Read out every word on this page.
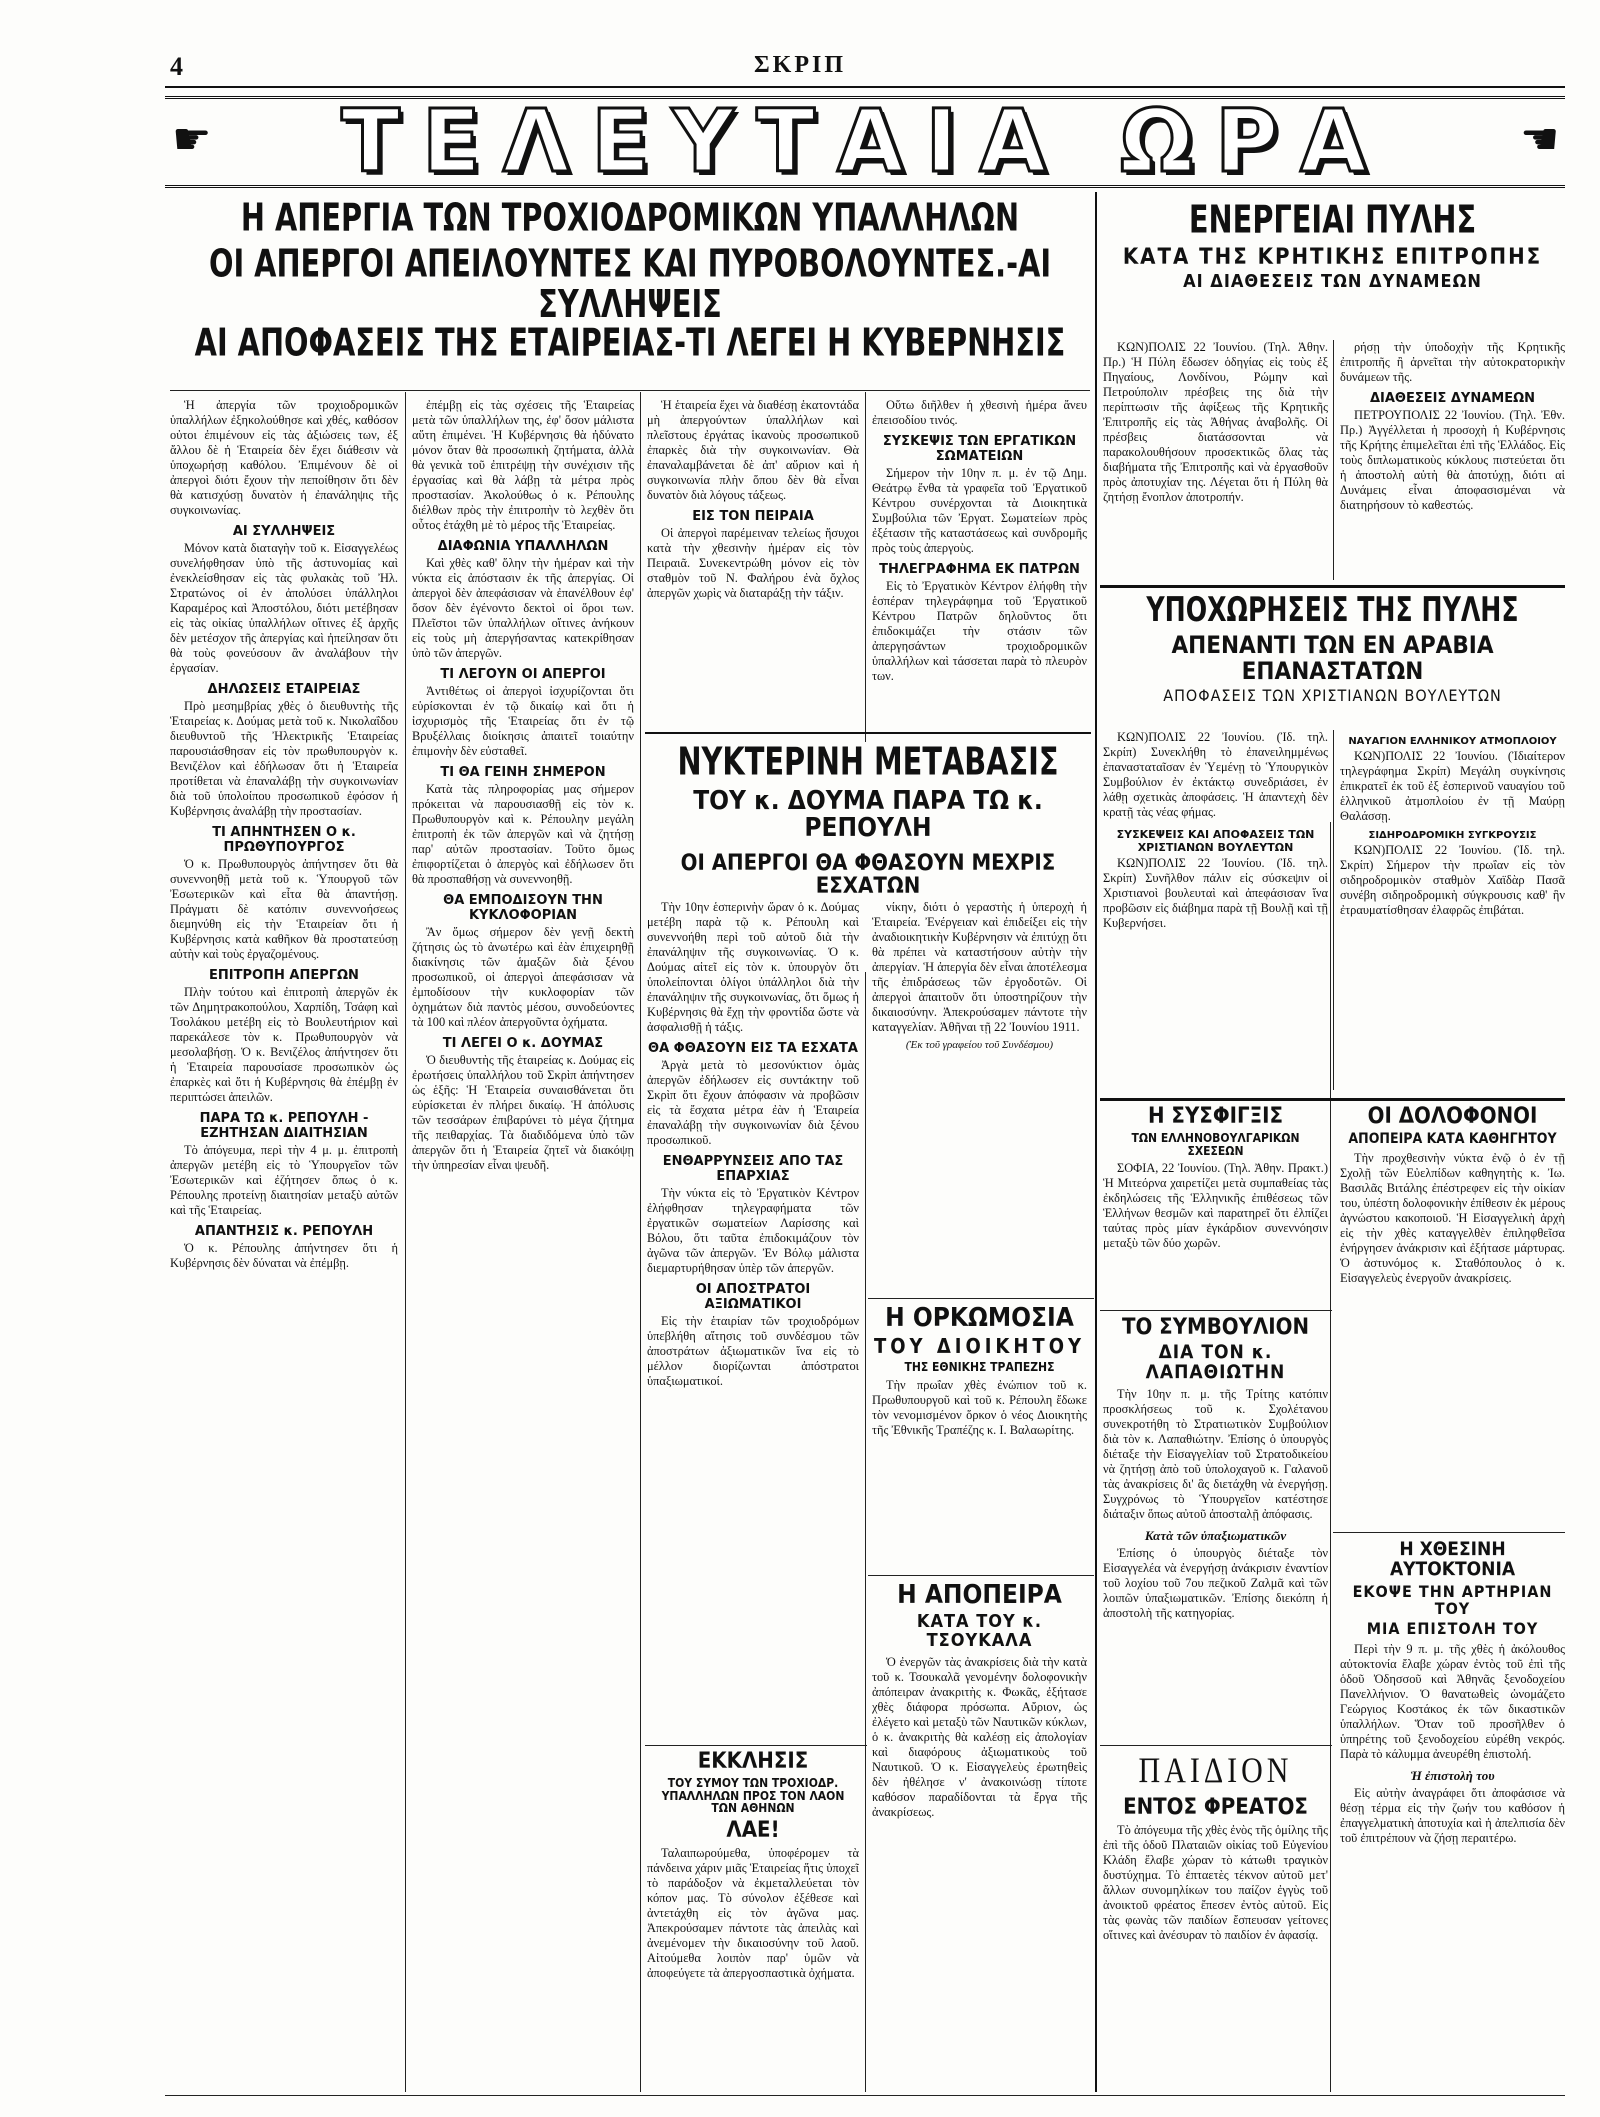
4	ΣΚΡΙΠ
ΤΕΛΕΥΤΑΙΑ ΩΡΑ
☛	☚
Η ΑΠΕΡΓΙΑ ΤΩΝ ΤΡΟΧΙΟΔΡΟΜΙΚΩΝ ΥΠΑΛΛΗΛΩΝ
ΟΙ ΑΠΕΡΓΟΙ ΑΠΕΙΛΟΥΝΤΕΣ ΚΑΙ ΠΥΡΟΒΟΛΟΥΝΤΕΣ.-ΑΙ ΣΥΛΛΗΨΕΙΣ
ΑΙ ΑΠΟΦΑΣΕΙΣ ΤΗΣ ΕΤΑΙΡΕΙΑΣ-ΤΙ ΛΕΓΕΙ Η ΚΥΒΕΡΝΗΣΙΣ

Ἡ ἀπεργία τῶν τροχιοδρομικῶν ὑπαλλήλων ἐξηκολούθησε καὶ χθές, καθόσον οὐτοι ἐπιμένουν εἰς τὰς ἀξιώσεις των, ἐξ ἄλλου δὲ ἡ Ἑταιρεία δὲν ἔχει διάθεσιν νὰ ὑποχωρήσῃ καθόλου. Ἐπιμένουν δὲ οἱ ἀπεργοὶ διότι ἔχουν τὴν πεποίθησιν ὅτι δὲν θὰ κατισχύσῃ δυνατὸν ἡ ἐπανάληψις τῆς συγκοινωνίας.

ΑΙ ΣΥΛΛΗΨΕΙΣ

Μόνον κατὰ διαταγὴν τοῦ κ. Εἰσαγγελέως συνελήφθησαν ὑπὸ τῆς ἀστυνομίας καὶ ἐνεκλείσθησαν εἰς τὰς φυλακὰς τοῦ Ἠλ. Στρατώνος οἱ ἐν ἀπολύσει ὑπάλληλοι Καραμέρος καὶ Ἀποστόλου, διότι μετέβησαν εἰς τὰς οἰκίας ὑπαλλήλων οἵτινες ἐξ ἀρχῆς δὲν μετέσχον τῆς ἀπεργίας καὶ ἠπείλησαν ὅτι θὰ τοὺς φονεύσουν ἂν ἀναλάβουν τὴν ἐργασίαν.

ΔΗΛΩΣΕΙΣ ΕΤΑΙΡΕΙΑΣ

Πρὸ μεσημβρίας χθὲς ὁ διευθυντὴς τῆς Ἑταιρείας κ. Δούμας μετὰ τοῦ κ. Νικολαΐδου διευθυντοῦ τῆς Ἠλεκτρικῆς Ἑταιρείας παρουσιάσθησαν εἰς τὸν πρωθυπουργὸν κ. Βενιζέλον καὶ ἐδήλωσαν ὅτι ἡ Ἑταιρεία προτίθεται νὰ ἐπαναλάβῃ τὴν συγκοινωνίαν διὰ τοῦ ὑπολοίπου προσωπικοῦ ἐφόσον ἡ Κυβέρνησις ἀναλάβῃ τὴν προστασίαν.

ΤΙ ΑΠΗΝΤΗΣΕΝ Ο κ. ΠΡΩΘΥΠΟΥΡΓΟΣ

Ὁ κ. Πρωθυπουργὸς ἀπήντησεν ὅτι θὰ συνεννοηθῇ μετὰ τοῦ κ. Ὑπουργοῦ τῶν Ἐσωτερικῶν καὶ εἶτα θὰ ἀπαντήσῃ. Πράγματι δὲ κατόπιν συνεννοήσεως διεμηνύθη εἰς τὴν Ἑταιρείαν ὅτι ἡ Κυβέρνησις κατὰ καθῆκον θὰ προστατεύσῃ αὐτὴν καὶ τοὺς ἐργαζομένους.

ΕΠΙΤΡΟΠΗ ΑΠΕΡΓΩΝ

Πλὴν τούτου καὶ ἐπιτροπὴ ἀπεργῶν ἐκ τῶν Δημητρακοπούλου, Χαρπίδη, Τσάφη καὶ Τσολάκου μετέβη εἰς τὸ Βουλευτήριον καὶ παρεκάλεσε τὸν κ. Πρωθυπουργὸν νὰ μεσολαβήσῃ. Ὁ κ. Βενιζέλος ἀπήντησεν ὅτι ἡ Ἑταιρεία παρουσίασε προσωπικὸν ὡς ἐπαρκὲς καὶ ὅτι ἡ Κυβέρνησις θὰ ἐπέμβῃ ἐν περιπτώσει ἀπειλῶν.

ΠΑΡΑ ΤΩ κ. ΡΕΠΟΥΛΗ - ΕΖΗΤΗΣΑΝ ΔΙΑΙΤΗΣΙΑΝ

Τὸ ἀπόγευμα, περὶ τὴν 4 μ. μ. ἐπιτροπὴ ἀπεργῶν μετέβη εἰς τὸ Ὑπουργεῖον τῶν Ἐσωτερικῶν καὶ ἐζήτησεν ὅπως ὁ κ. Ρέπουλης προτείνῃ διαιτησίαν μεταξὺ αὐτῶν καὶ τῆς Ἑταιρείας.

ΑΠΑΝΤΗΣΙΣ κ. ΡΕΠΟΥΛΗ

Ὁ κ. Ρέπουλης ἀπήντησεν ὅτι ἡ Κυβέρνησις δὲν δύναται νὰ ἐπέμβῃ.

ἐπέμβῃ εἰς τὰς σχέσεις τῆς Ἑταιρείας μετὰ τῶν ὑπαλλήλων της, ἐφ' ὅσον μάλιστα αὕτη ἐπιμένει. Ἡ Κυβέρνησις θὰ ἠδύνατο μόνον ὅταν θὰ προσωπικὴ ζητήματα, ἀλλὰ θὰ γενικὰ τοῦ ἐπιτρέψῃ τὴν συνέχισιν τῆς ἐργασίας καὶ θὰ λάβῃ τὰ μέτρα πρὸς προστασίαν. Ἀκολούθως ὁ κ. Ρέπουλης διέλθων πρὸς τὴν ἐπιτροπὴν τὸ λεχθὲν ὅτι οὗτος ἐτάχθη μὲ τὸ μέρος τῆς Ἑταιρείας.

ΔΙΑΦΩΝΙΑ ΥΠΑΛΛΗΛΩΝ

Καὶ χθὲς καθ' ὅλην τὴν ἡμέραν καὶ τὴν νύκτα εἰς ἀπόστασιν ἐκ τῆς ἀπεργίας. Οἱ ἀπεργοὶ δὲν ἀπεφάσισαν νὰ ἐπανέλθουν ἐφ' ὅσον δὲν ἐγένοντο δεκτοὶ οἱ ὅροι των. Πλεῖστοι τῶν ὑπαλλήλων οἵτινες ἀνήκουν εἰς τοὺς μὴ ἀπεργήσαντας κατεκρίθησαν ὑπὸ τῶν ἀπεργῶν.

ΤΙ ΛΕΓΟΥΝ ΟΙ ΑΠΕΡΓΟΙ

Ἀντιθέτως οἱ ἀπεργοὶ ἰσχυρίζονται ὅτι εὑρίσκονται ἐν τῷ δικαίῳ καὶ ὅτι ἡ ἰσχυρισμὸς τῆς Ἑταιρείας ὅτι ἐν τῷ Βρυξέλλαις διοίκησις ἀπαιτεῖ τοιαύτην ἐπιμονὴν δὲν εὐσταθεῖ.

ΤΙ ΘΑ ΓΕΙΝΗ ΣΗΜΕΡΟΝ

Κατὰ τὰς πληροφορίας μας σήμερον πρόκειται νὰ παρουσιασθῇ εἰς τὸν κ. Πρωθυπουργὸν καὶ κ. Ρέπουλην μεγάλη ἐπιτροπὴ ἐκ τῶν ἀπεργῶν καὶ νὰ ζητήσῃ παρ' αὐτῶν προστασίαν. Τοῦτο ὅμως ἐπιφορτίζεται ὁ ἀπεργὸς καὶ ἐδήλωσεν ὅτι θὰ προσπαθήσῃ νὰ συνεννοηθῇ.

ΘΑ ΕΜΠΟΔΙΣΟΥΝ ΤΗΝ ΚΥΚΛΟΦΟΡΙΑΝ

Ἂν ὅμως σήμερον δὲν γενῇ δεκτὴ ζήτησις ὡς τὸ ἀνωτέρω καὶ ἐὰν ἐπιχειρηθῇ διακίνησις τῶν ἁμαξῶν διὰ ξένου προσωπικοῦ, οἱ ἀπεργοὶ ἀπεφάσισαν νὰ ἐμποδίσουν τὴν κυκλοφορίαν τῶν ὀχημάτων διὰ παντὸς μέσου, συνοδεύοντες τὰ 100 καὶ πλέον ἀπεργοῦντα ὀχήματα.

ΤΙ ΛΕΓΕΙ Ο κ. ΔΟΥΜΑΣ

Ὁ διευθυντὴς τῆς ἑταιρείας κ. Δούμας εἰς ἐρωτήσεις ὑπαλλήλου τοῦ Σκρὶπ ἀπήντησεν ὡς ἑξῆς: Ἡ Ἑταιρεία συναισθάνεται ὅτι εὑρίσκεται ἐν πλήρει δικαίῳ. Ἡ ἀπόλυσις τῶν τεσσάρων ἐπιβαρύνει τὸ μέγα ζήτημα τῆς πειθαρχίας. Τὰ διαδιδόμενα ὑπὸ τῶν ἀπεργῶν ὅτι ἡ Ἑταιρεία ζητεῖ νὰ διακόψῃ τὴν ὑπηρεσίαν εἶναι ψευδῆ.

Ἡ ἑταιρεία ἔχει νὰ διαθέσῃ ἑκατοντάδα μὴ ἀπεργούντων ὑπαλλήλων καὶ πλεῖστους ἐργάτας ἱκανοὺς προσωπικοῦ ἐπαρκὲς διὰ τὴν συγκοινωνίαν. Θὰ ἐπαναλαμβάνεται δὲ ἀπ' αὔριον καὶ ἡ συγκοινωνία πλὴν ὅπου δὲν θὰ εἶναι δυνατὸν διὰ λόγους τάξεως.

ΕΙΣ ΤΟΝ ΠΕΙΡΑΙΑ

Οἱ ἀπεργοὶ παρέμειναν τελείως ἥσυχοι κατὰ τὴν χθεσινὴν ἡμέραν εἰς τὸν Πειραιᾶ. Συνεκεντρώθη μόνον εἰς τὸν σταθμὸν τοῦ Ν. Φαλήρου ἐνὰ ὄχλος ἀπεργῶν χωρὶς νὰ διαταράξῃ τὴν τάξιν.

Οὕτω διῆλθεν ἡ χθεσινὴ ἡμέρα ἄνευ ἐπεισοδίου τινός.

ΣΥΣΚΕΨΙΣ ΤΩΝ ΕΡΓΑΤΙΚΩΝ ΣΩΜΑΤΕΙΩΝ

Σήμερον τὴν 10ην π. μ. ἐν τῷ Δημ. Θεάτρῳ ἔνθα τὰ γραφεῖα τοῦ Ἐργατικοῦ Κέντρου συνέρχονται τὰ Διοικητικὰ Συμβούλια τῶν Ἐργατ. Σωματείων πρὸς ἐξέτασιν τῆς καταστάσεως καὶ συνδρομῆς πρὸς τοὺς ἀπεργοὺς.

ΤΗΛΕΓΡΑΦΗΜΑ ΕΚ ΠΑΤΡΩΝ

Εἰς τὸ Ἐργατικὸν Κέντρον ἐλήφθη τὴν ἑσπέραν τηλεγράφημα τοῦ Ἐργατικοῦ Κέντρου Πατρῶν δηλοῦντος ὅτι ἐπιδοκιμάζει τὴν στάσιν τῶν ἀπεργησάντων τροχιοδρομικῶν ὑπαλλήλων καὶ τάσσεται παρὰ τὸ πλευρὸν των.

ΝΥΚΤΕΡΙΝΗ ΜΕΤΑΒΑΣΙΣ
ΤΟΥ κ. ΔΟΥΜΑ ΠΑΡΑ ΤΩ κ. ΡΕΠΟΥΛΗ
ΟΙ ΑΠΕΡΓΟΙ ΘΑ ΦΘΑΣΟΥΝ ΜΕΧΡΙΣ ΕΣΧΑΤΩΝ

Τὴν 10ην ἑσπερινὴν ὥραν ὁ κ. Δούμας μετέβη παρὰ τῷ κ. Ρέπουλη καὶ συνεννοήθη περὶ τοῦ αὐτοῦ διὰ τὴν ἐπανάληψιν τῆς συγκοινωνίας. Ὁ κ. Δούμας αἰτεῖ εἰς τὸν κ. ὑπουργὸν ὅτι ὑπολείπονται ὀλίγοι ὑπάλληλοι διὰ τὴν ἐπανάληψιν τῆς συγκοινωνίας, ὅτι ὅμως ἡ Κυβέρνησις θὰ ἔχῃ τὴν φροντίδα ὥστε νὰ ἀσφαλισθῇ ἡ τάξις.

ΘΑ ΦΘΑΣΟΥΝ ΕΙΣ ΤΑ ΕΣΧΑΤΑ

Ἀργὰ μετὰ τὸ μεσονύκτιον ὁμὰς ἀπεργῶν ἐδήλωσεν εἰς συντάκτην τοῦ Σκρὶπ ὅτι ἔχουν ἀπόφασιν νὰ προβῶσιν εἰς τὰ ἔσχατα μέτρα ἐὰν ἡ Ἑταιρεία ἐπαναλάβῃ τὴν συγκοινωνίαν διὰ ξένου προσωπικοῦ.

ΕΝΘΑΡΡΥΝΣΕΙΣ ΑΠΟ ΤΑΣ ΕΠΑΡΧΙΑΣ

Τὴν νύκτα εἰς τὸ Ἐργατικὸν Κέντρον ἐλήφθησαν τηλεγραφήματα τῶν ἐργατικῶν σωματείων Λαρίσσης καὶ Βόλου, ὅτι ταῦτα ἐπιδοκιμάζουν τὸν ἀγῶνα τῶν ἀπεργῶν. Ἐν Βόλῳ μάλιστα διεμαρτυρήθησαν ὑπὲρ τῶν ἀπεργῶν.

ΟΙ ΑΠΟΣΤΡΑΤΟΙ ΑΞΙΩΜΑΤΙΚΟΙ

Εἰς τὴν ἑταιρίαν τῶν τροχιοδρόμων ὑπεβλήθη αἴτησις τοῦ συνδέσμου τῶν ἀποστράτων ἀξιωματικῶν ἵνα εἰς τὸ μέλλον διορίζωνται ἀπόστρατοι ὑπαξιωματικοί.

νίκην, διότι ὁ γεραστὴς ἡ ὑπεροχὴ ἡ Ἑταιρεία. Ἐνέργειαν καὶ ἐπιδείξει εἰς τὴν ἀναδιοικητικὴν Κυβέρνησιν νὰ ἐπιτύχῃ ὅτι θὰ πρέπει νὰ καταστήσουν αὐτὴν τὴν ἀπεργίαν. Ἡ ἀπεργία δὲν εἶναι ἀποτέλεσμα τῆς ἐπιδράσεως τῶν ἐργοδοτῶν. Οἱ ἀπεργοὶ ἀπαιτοῦν ὅτι ὑποστηρίζουν τὴν δικαιοσύνην. Ἀπεκρούσαμεν πάντοτε τὴν καταγγελίαν. Ἀθῆναι τῇ 22 Ἰουνίου 1911.

(Ἐκ τοῦ γραφείου τοῦ Συνδέσμου)
ΕΚΚΛΗΣΙΣ
ΤΟΥ ΣΥΜΟΥ ΤΩΝ ΤΡΟΧΙΟΔΡ. ΥΠΑΛΛΗΛΩΝ ΠΡΟΣ ΤΟΝ ΛΑΟΝ ΤΩΝ ΑΘΗΝΩΝ
ΛΑΕ!

Ταλαιπωρούμεθα, ὑποφέρομεν τὰ πάνδεινα χάριν μιᾶς Ἑταιρείας ἥτις ὑποχεῖ τὸ παράδοξον νὰ ἐκμεταλλεύεται τὸν κόπον μας. Τὸ σύνολον ἐξέθεσε καὶ ἀντετάχθη εἰς τὸν ἀγῶνα μας. Ἀπεκρούσαμεν πάντοτε τὰς ἀπειλὰς καὶ ἀνεμένομεν τὴν δικαιοσύνην τοῦ λαοῦ. Αἰτούμεθα λοιπὸν παρ' ὑμῶν νὰ ἀποφεύγετε τὰ ἀπεργοσπαστικὰ ὀχήματα.

Η ΟΡΚΩΜΟΣΙΑ
ΤΟΥ ΔΙΟΙΚΗΤΟΥ
ΤΗΣ ΕΘΝΙΚΗΣ ΤΡΑΠΕΖΗΣ

Τὴν πρωΐαν χθὲς ἐνώπιον τοῦ κ. Πρωθυπουργοῦ καὶ τοῦ κ. Ρέπουλη ἔδωκε τὸν νενομισμένον ὅρκον ὁ νέος Διοικητὴς τῆς Ἐθνικῆς Τραπέζης κ. Ι. Βαλαωρίτης.

Η ΑΠΟΠΕΙΡΑ
ΚΑΤΑ ΤΟΥ κ. ΤΣΟΥΚΑΛΑ

Ὁ ἐνεργῶν τὰς ἀνακρίσεις διὰ τὴν κατὰ τοῦ κ. Τσουκαλᾶ γενομένην δολοφονικὴν ἀπόπειραν ἀνακριτὴς κ. Φωκᾶς, ἐξήτασε χθὲς διάφορα πρόσωπα. Αὔριον, ὡς ἐλέγετο καὶ μεταξὺ τῶν Ναυτικῶν κύκλων, ὁ κ. ἀνακριτὴς θὰ καλέσῃ εἰς ἀπολογίαν καὶ διαφόρους ἀξιωματικοὺς τοῦ Ναυτικοῦ. Ὁ κ. Εἰσαγγελεὺς ἐρωτηθεὶς δὲν ἠθέλησε ν' ἀνακοινώσῃ τίποτε καθόσον παραδίδονται τὰ ἔργα τῆς ἀνακρίσεως.

ΕΝΕΡΓΕΙΑΙ ΠΥΛΗΣ
ΚΑΤΑ ΤΗΣ ΚΡΗΤΙΚΗΣ ΕΠΙΤΡΟΠΗΣ
ΑΙ ΔΙΑΘΕΣΕΙΣ ΤΩΝ ΔΥΝΑΜΕΩΝ

ΚΩΝ)ΠΟΛΙΣ 22 Ἰουνίου. (Τηλ. Ἀθην. Πρ.) Ἡ Πύλη ἔδωσεν ὁδηγίας εἰς τοὺς ἐξ Πηγαίους, Λονδίνου, Ρώμην καὶ Πετρούπολιν πρέσβεις της διὰ τὴν περίπτωσιν τῆς ἀφίξεως τῆς Κρητικῆς Ἐπιτροπῆς εἰς τὰς Ἀθήνας ἀναβολῆς. Οἱ πρέσβεις διατάσσονται νὰ παρακολουθήσουν προσεκτικῶς ὅλας τὰς διαβήματα τῆς Ἐπιτροπῆς καὶ νὰ ἐργασθοῦν πρὸς ἀποτυχίαν της. Λέγεται ὅτι ἡ Πύλη θὰ ζητήσῃ ἔνοπλον ἀποτροπήν.

ρήσῃ τὴν ὑποδοχὴν τῆς Κρητικῆς ἐπιτροπῆς ἢ ἀρνεῖται τὴν αὐτοκρατορικὴν δυνάμεων τῆς.

ΔΙΑΘΕΣΕΙΣ ΔΥΝΑΜΕΩΝ

ΠΕΤΡΟΥΠΟΛΙΣ 22 Ἰουνίου. (Τηλ. Ἐθν. Πρ.) Ἀγγέλλεται ἡ προσοχὴ ἡ Κυβέρνησις τῆς Κρήτης ἐπιμελεῖται ἐπὶ τῆς Ἑλλάδος. Εἰς τοὺς διπλωματικοὺς κύκλους πιστεύεται ὅτι ἡ ἀποστολὴ αὐτὴ θὰ ἀποτύχῃ, διότι αἱ Δυνάμεις εἶναι ἀποφασισμέναι νὰ διατηρήσουν τὸ καθεστώς.

ΥΠΟΧΩΡΗΣΕΙΣ ΤΗΣ ΠΥΛΗΣ
ΑΠΕΝΑΝΤΙ ΤΩΝ ΕΝ ΑΡΑΒΙΑ ΕΠΑΝΑΣΤΑΤΩΝ
ΑΠΟΦΑΣΕΙΣ ΤΩΝ ΧΡΙΣΤΙΑΝΩΝ ΒΟΥΛΕΥΤΩΝ

ΚΩΝ)ΠΟΛΙΣ 22 Ἰουνίου. (Ἰδ. τηλ. Σκρίπ) Συνεκλήθη τὸ ἐπανειλημμένως ἐπανασταταῖσαν ἐν Ὑεμένῃ τὸ Ὑπουργικὸν Συμβούλιον ἐν ἐκτάκτῳ συνεδριάσει, ἐν λάθῃ σχετικὰς ἀποφάσεις. Ἡ ἀπαντεχὴ δὲν κρατῇ τὰς νέας φήμας.

ΣΥΣΚΕΨΕΙΣ ΚΑΙ ΑΠΟΦΑΣΕΙΣ ΤΩΝ ΧΡΙΣΤΙΑΝΩΝ ΒΟΥΛΕΥΤΩΝ

ΚΩΝ)ΠΟΛΙΣ 22 Ἰουνίου. (Ἰδ. τηλ. Σκρίπ) Συνῆλθον πάλιν εἰς σύσκεψιν οἱ Χριστιανοὶ βουλευταὶ καὶ ἀπεφάσισαν ἵνα προβῶσιν εἰς διάβημα παρὰ τῇ Βουλῇ καὶ τῇ Κυβερνήσει.

ΝΑΥΑΓΙΟΝ ΕΛΛΗΝΙΚΟΥ ΑΤΜΟΠΛΟΙΟΥ

ΚΩΝ)ΠΟΛΙΣ 22 Ἰουνίου. (Ἰδιαίτερον τηλεγράφημα Σκρίπ) Μεγάλη συγκίνησις ἐπικρατεῖ ἐκ τοῦ ἐξ ἐσπερινοῦ ναυαγίου τοῦ ἑλληνικοῦ ἀτμοπλοίου ἐν τῇ Μαύρῃ Θαλάσσῃ.

ΣΙΔΗΡΟΔΡΟΜΙΚΗ ΣΥΓΚΡΟΥΣΙΣ

ΚΩΝ)ΠΟΛΙΣ 22 Ἰουνίου. (Ἰδ. τηλ. Σκρίπ) Σήμερον τὴν πρωΐαν εἰς τὸν σιδηροδρομικὸν σταθμὸν Χαϊδὰρ Πασᾶ συνέβη σιδηροδρομικὴ σύγκρουσις καθ' ἣν ἐτραυματίσθησαν ἐλαφρῶς ἐπιβάται.

Η ΣΥΣΦΙΓΞΙΣ
ΤΩΝ ΕΛΛΗΝΟΒΟΥΛΓΑΡΙΚΩΝ ΣΧΕΣΕΩΝ

ΣΟΦΙΑ, 22 Ἰουνίου. (Τηλ. Ἀθην. Πρακτ.) Ἡ Μιτεόρνα χαιρετίζει μετὰ συμπαθείας τὰς ἐκδηλώσεις τῆς Ἑλληνικῆς ἐπιθέσεως τῶν Ἑλλήνων θεσμῶν καὶ παρατηρεῖ ὅτι ἐλπίζει ταύτας πρὸς μίαν ἐγκάρδιον συνεννόησιν μεταξὺ τῶν δύο χωρῶν.

ΤΟ ΣΥΜΒΟΥΛΙΟΝ
ΔΙΑ ΤΟΝ κ. ΛΑΠΑΘΙΩΤΗΝ

Τὴν 10ην π. μ. τῆς Τρίτης κατόπιν προσκλήσεως τοῦ κ. Σχολέτανου συνεκροτήθη τὸ Στρατιωτικὸν Συμβούλιον διὰ τὸν κ. Λαπαθιώτην. Ἐπίσης ὁ ὑπουργὸς διέταξε τὴν Εἰσαγγελίαν τοῦ Στρατοδικείου νὰ ζητήσῃ ἀπὸ τοῦ ὑπολοχαγοῦ κ. Γαλανοῦ τὰς ἀνακρίσεις δι' ἃς διετάχθη νὰ ἐνεργήσῃ. Συγχρόνως τὸ Ὑπουργεῖον κατέστησε διάταξιν ὅπως αὐτοῦ ἀποσταλῇ ἀπόφασις.

Κατὰ τῶν ὑπαξιωματικῶν

Ἐπίσης ὁ ὑπουργὸς διέταξε τὸν Εἰσαγγελέα νὰ ἐνεργήσῃ ἀνάκρισιν ἐναντίον τοῦ λοχίου τοῦ 7ου πεζικοῦ Ζαλμᾶ καὶ τῶν λοιπῶν ὑπαξιωματικῶν. Ἐπίσης διεκόπη ἡ ἀποστολὴ τῆς κατηγορίας.

ΠΑΙΔΙΟΝ
ΕΝΤΟΣ ΦΡΕΑΤΟΣ

Τὸ ἀπόγευμα τῆς χθὲς ἐνὸς τῆς ὁμίλης τῆς ἐπὶ τῆς ὁδοῦ Πλαταιῶν οἰκίας τοῦ Εὐγενίου Κλάδη ἔλαβε χώραν τὸ κάτωθι τραγικὸν δυστύχημα. Τὸ ἐπταετὲς τέκνον αὐτοῦ μετ' ἄλλων συνομηλίκων του παίζον ἐγγὺς τοῦ ἀνοικτοῦ φρέατος ἔπεσεν ἐντὸς αὐτοῦ. Εἰς τὰς φωνὰς τῶν παιδίων ἔσπευσαν γείτονες οἵτινες καὶ ἀνέσυραν τὸ παιδίον ἐν ἀφασίᾳ.

ΟΙ ΔΟΛΟΦΟΝΟΙ
ΑΠΟΠΕΙΡΑ ΚΑΤΑ ΚΑΘΗΓΗΤΟΥ

Τὴν προχθεσινὴν νύκτα ἐνῷ ὁ ἐν τῇ Σχολῇ τῶν Εὐελπίδων καθηγητὴς κ. Ἰω. Βασιλᾶς Βιτάλης ἐπέστρεφεν εἰς τὴν οἰκίαν του, ὑπέστη δολοφονικὴν ἐπίθεσιν ἐκ μέρους ἀγνώστου κακοποιοῦ. Ἡ Εἰσαγγελικὴ ἀρχὴ εἰς τὴν χθὲς καταγγελθὲν ἐπιληφθεῖσα ἐνήργησεν ἀνάκρισιν καὶ ἐξήτασε μάρτυρας. Ὁ ἀστυνόμος κ. Σταθόπουλος ὁ κ. Εἰσαγγελεὺς ἐνεργοῦν ἀνακρίσεις.

Η ΧΘΕΣΙΝΗ ΑΥΤΟΚΤΟΝΙΑ
ΕΚΟΨΕ ΤΗΝ ΑΡΤΗΡΙΑΝ ΤΟΥ
ΜΙΑ ΕΠΙΣΤΟΛΗ ΤΟΥ

Περὶ τὴν 9 π. μ. τῆς χθὲς ἡ ἀκόλουθος αὐτοκτονία ἔλαβε χώραν ἐντὸς τοῦ ἐπὶ τῆς ὁδοῦ Ὀδησσοῦ καὶ Ἀθηνᾶς ξενοδοχείου Πανελλήνιον. Ὁ θανατωθεὶς ὠνομάζετο Γεώργιος Κοστάκος ἐκ τῶν δικαστικῶν ὑπαλλήλων. Ὅταν τοῦ προσῆλθεν ὁ ὑπηρέτης τοῦ ξενοδοχείου εὑρέθη νεκρός. Παρὰ τὸ κάλυμμα ἀνευρέθη ἐπιστολή.

Ἡ ἐπιστολὴ του

Εἰς αὐτὴν ἀναγράφει ὅτι ἀποφάσισε νὰ θέσῃ τέρμα εἰς τὴν ζωήν του καθόσον ἡ ἐπαγγελματικὴ ἀποτυχία καὶ ἡ ἀπελπισία δὲν τοῦ ἐπιτρέπουν νὰ ζήσῃ περαιτέρω.
